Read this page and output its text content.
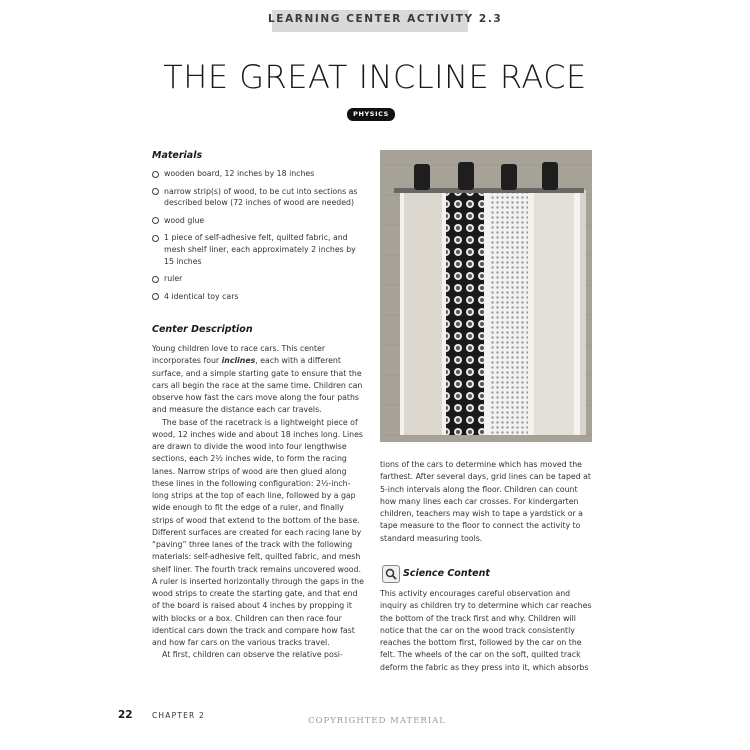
LEARNING CENTER ACTIVITY 2.3
THE GREAT INCLINE RACE
PHYSICS
Materials
wooden board, 12 inches by 18 inches
narrow strip(s) of wood, to be cut into sections as described below (72 inches of wood are needed)
wood glue
1 piece of self-adhesive felt, quilted fabric, and mesh shelf liner, each approximately 2 inches by 15 inches
ruler
4 identical toy cars
Center Description

Young children love to race cars. This center incorporates four inclines, each with a different surface, and a simple starting gate to ensure that the cars all begin the race at the same time. Children can observe how fast the cars move along the four paths and measure the distance each car travels.

The base of the racetrack is a lightweight piece of wood, 12 inches wide and about 18 inches long. Lines are drawn to divide the wood into four lengthwise sections, each 2½ inches wide, to form the racing lanes. Narrow strips of wood are then glued along these lines in the following configuration: 2½-inch-long strips at the top of each line, followed by a gap wide enough to fit the edge of a ruler, and finally strips of wood that extend to the bottom of the base. Different surfaces are created for each racing lane by “paving” three lanes of the track with the following materials: self-adhesive felt, quilted fabric, and mesh shelf liner. The fourth track remains uncovered wood. A ruler is inserted horizontally through the gaps in the wood strips to create the starting gate, and that end of the board is raised about 4 inches by propping it with blocks or a box. Children can then race four identical cars down the track and compare how fast and how far cars on the various tracks travel.

At first, children can observe the relative posi-

tions of the cars to determine which has moved the farthest. After several days, grid lines can be taped at 5-inch intervals along the floor. Children can count how many lines each car crosses. For kindergarten children, teachers may wish to tape a yardstick or a tape measure to the floor to connect the activity to standard measuring tools.

Science Content
This activity encourages careful observation and inquiry as children try to determine which car reaches the bottom of the track first and why. Children will notice that the car on the wood track consistently reaches the bottom first, followed by the car on the felt. The wheels of the car on the soft, quilted track deform the fabric as they press into it, which absorbs
22	CHAPTER 2
COPYRIGHTED MATERIAL
